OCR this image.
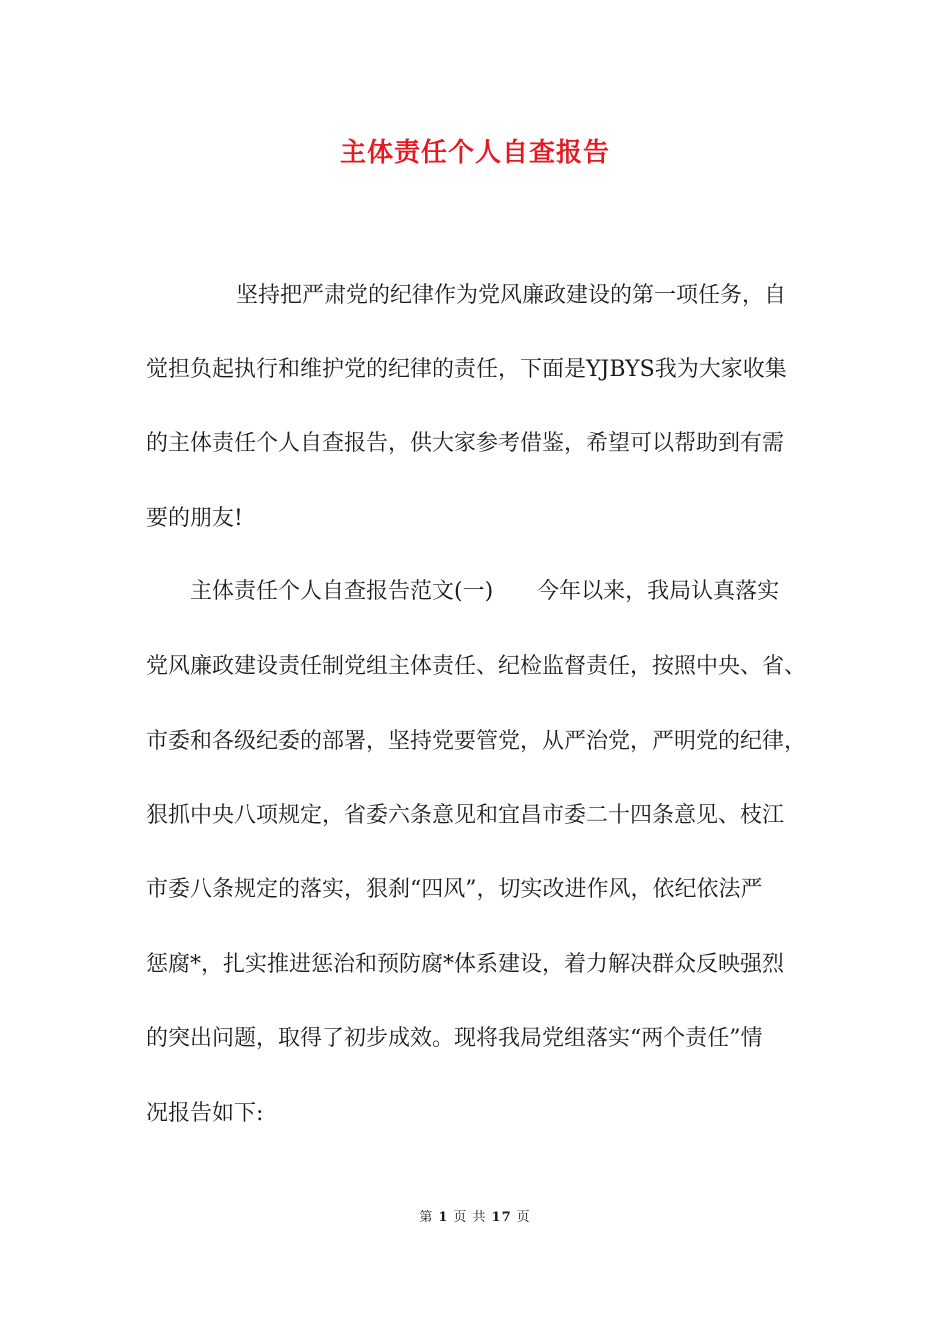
主体责任个人自查报告
坚持把严肃党的纪律作为党风廉政建设的第一项任务，自
觉担负起执行和维护党的纪律的责任，下面是YJBYS我为大家收集
的主体责任个人自查报告，供大家参考借鉴，希望可以帮助到有需
要的朋友!
主体责任个人自查报告范文(一)　　今年以来，我局认真落实
党风廉政建设责任制党组主体责任、纪检监督责任，按照中央、省、
市委和各级纪委的部署，坚持党要管党，从严治党，严明党的纪律，
狠抓中央八项规定，省委六条意见和宜昌市委二十四条意见、枝江
市委八条规定的落实，狠刹“四风”，切实改进作风，依纪依法严
惩腐*，扎实推进惩治和预防腐*体系建设，着力解决群众反映强烈
的突出问题，取得了初步成效。现将我局党组落实“两个责任”情
况报告如下:
第 1 页 共 17 页
